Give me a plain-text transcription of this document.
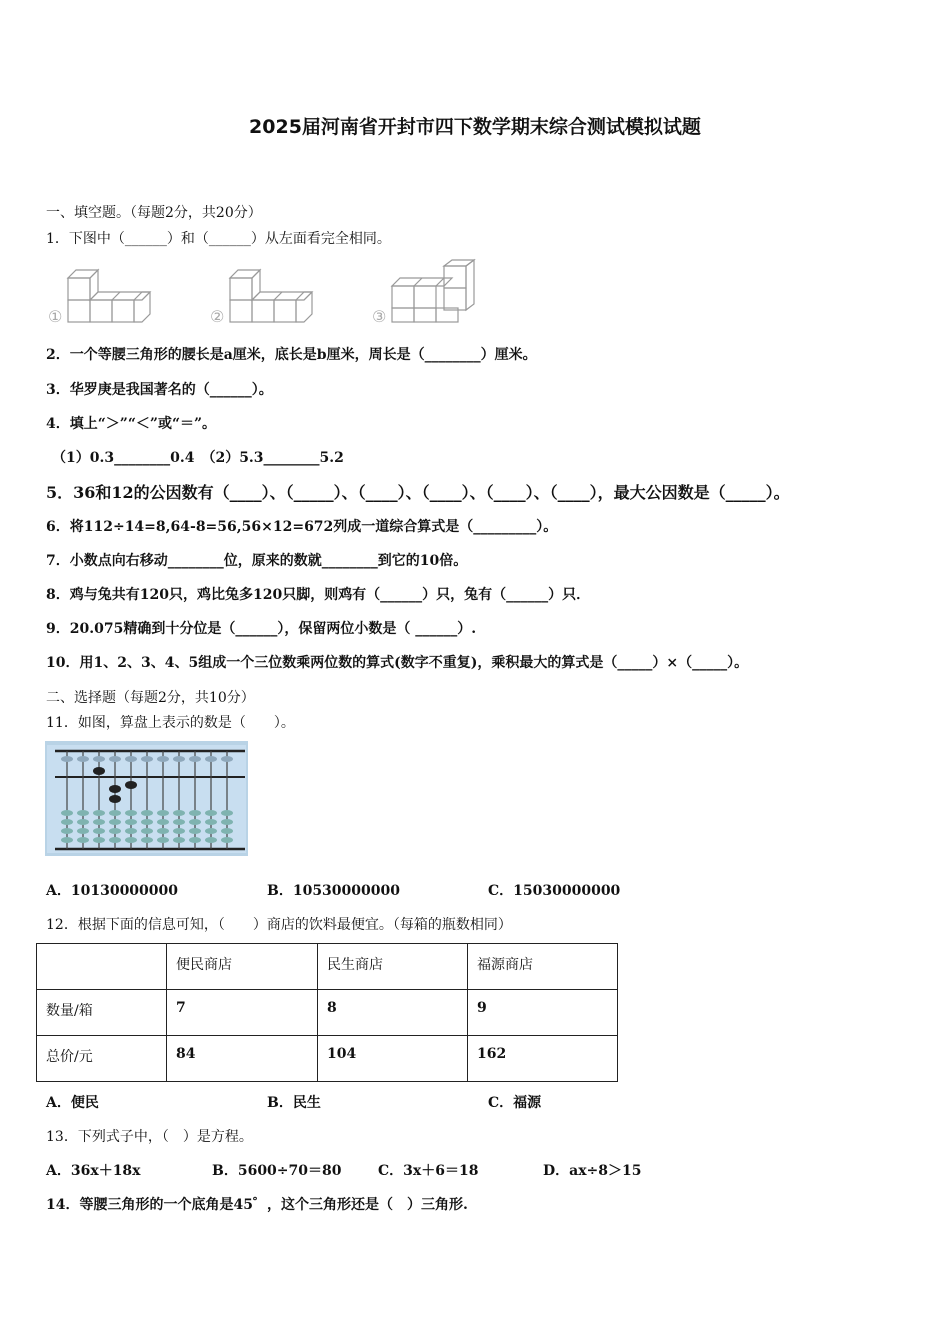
2025届河南省开封市四下数学期末综合测试模拟试题
一、填空题。（每题2分，共20分）
1．下图中（______）和（______）从左面看完全相同。
①	②	③
2．一个等腰三角形的腰长是a厘米，底长是b厘米，周长是（________）厘米。
3．华罗庚是我国著名的（______）。
4．填上“＞”“＜”或“＝”。
（1）0.3________0.4　（2）5.3________5.2
5．36和12的公因数有（____）、（_____）、（____）、（____）、（____）、（____），最大公因数是（_____）。
6．将112÷14=8,64-8=56,56×12=672列成一道综合算式是（_________）。
7．小数点向右移动________位，原来的数就________到它的10倍。
8．鸡与兔共有120只，鸡比兔多120只脚，则鸡有（______）只，兔有（______）只．
9．20.075精确到十分位是（______），保留两位小数是（ ______）.
10．用1、2、3、4、5组成一个三位数乘两位数的算式(数字不重复)，乘积最大的算式是（_____）×（_____）。
二、选择题（每题2分，共10分）
11．如图，算盘上表示的数是（　　）。
A．10130000000	B．10530000000	C．15030000000
12．根据下面的信息可知，（　　）商店的饮料最便宜。（每箱的瓶数相同）
	便民商店	民生商店	福源商店
数量/箱	7	8	9
总价/元	84	104	162
A．便民	B．民生	C．福源
13．下列式子中，（　）是方程。
A．36x＋18x	B．5600÷70＝80	C．3x＋6＝18	D．ax÷8＞15
14．等腰三角形的一个底角是45゜，这个三角形还是（　）三角形.
